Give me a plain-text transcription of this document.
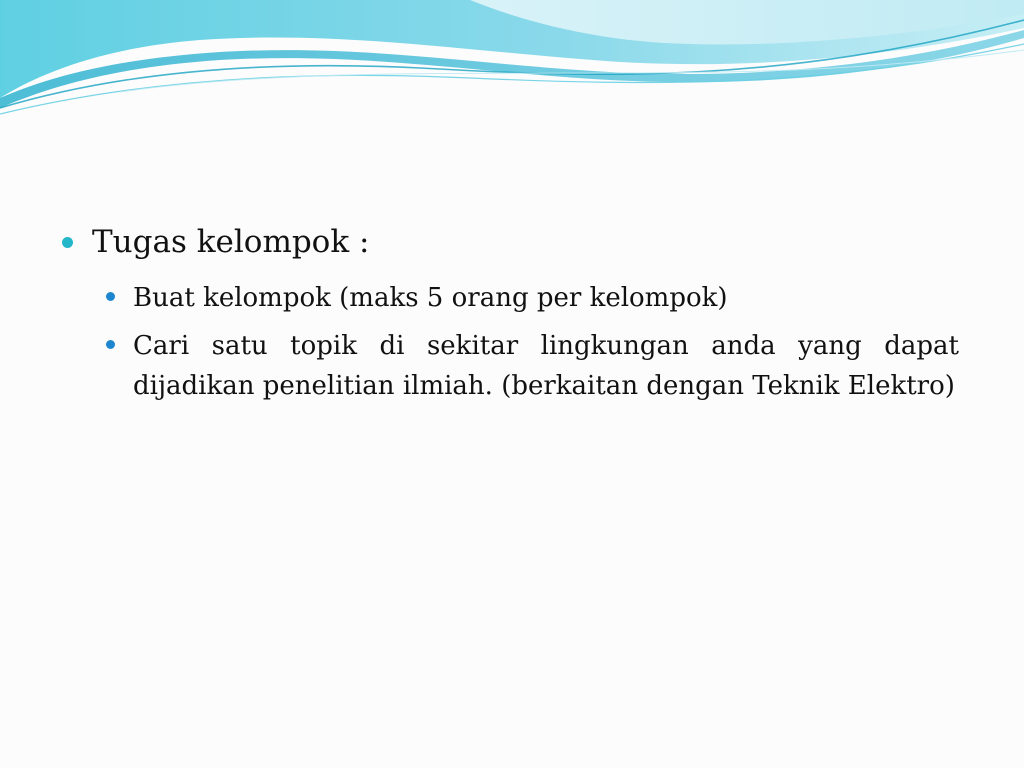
Tugas kelompok :
Buat kelompok (maks 5 orang per kelompok)
Cari satu topik di sekitar lingkungan anda yang dapat dijadikan penelitian ilmiah. (berkaitan dengan Teknik Elektro)
